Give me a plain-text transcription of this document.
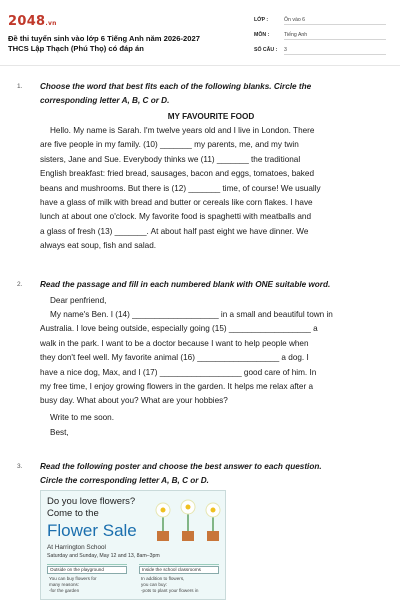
2048.vn
Đề thi tuyển sinh vào lớp 6 Tiếng Anh năm 2026-2027
THCS Lập Thạch (Phú Thọ) có đáp án
LỚP :	Ôn vào 6
MÔN :	Tiếng Anh
SỐ CÂU : 3
1. Choose the word that best fits each of the following blanks. Circle the
corresponding letter A, B, C or D.
MY FAVOURITE FOOD
Hello. My name is Sarah. I'm twelve years old and I live in London. There
are five people in my family. (10) _______ my parents, me, and my twin
sisters, Jane and Sue. Everybody thinks we (11) _______ the traditional
English breakfast: fried bread, sausages, bacon and eggs, tomatoes, baked
beans and mushrooms. But there is (12) _______ time, of course! We usually
have a glass of milk with bread and butter or cereals like corn flakes. I have
lunch at about one o'clock. My favorite food is spaghetti with meatballs and
a glass of fresh (13) _______. At about half past eight we have dinner. We
always eat soup, fish and salad.
2. Read the passage and fill in each numbered blank with ONE suitable word.
Dear penfriend,
My name's Ben. I (14) ___________________ in a small and beautiful town in
Australia. I love being outside, especially going (15) __________________ a
walk in the park. I want to be a doctor because I want to help people when
they don't feel well. My favorite animal (16) __________________ a dog. I
have a nice dog, Max, and I (17) __________________ good care of him. In
my free time, I enjoy growing flowers in the garden. It helps me relax after a
busy day. What about you? What are your hobbies?
Write to me soon.
Best,
3. Read the following poster and choose the best answer to each question.
Circle the corresponding letter A, B, C or D.
Do you love flowers?
Come to the
Flower Sale
At Harrington School
Saturday and Sunday, May 12 and 13, 8am–3pm
Outside on the playground
You can buy flowers for
many reasons:
-for the garden
Inside the school classrooms
In addition to flowers,
you can buy:
-pots to plant your flowers in
